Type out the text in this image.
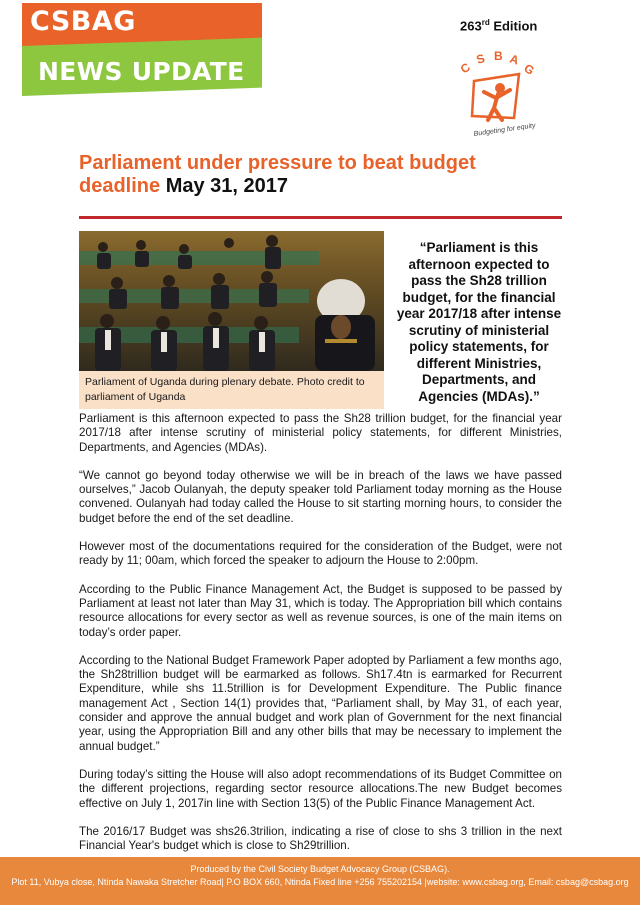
CSBAG
NEWS UPDATE
263rd Edition
C
S B A
G
Budgeting for equity
Parliament under pressure to beat budget deadline May 31, 2017
Parliament of Uganda during plenary debate. Photo credit to parliament of Uganda
“Parliament is this afternoon expected to pass the Sh28 trillion budget, for the financial year 2017/18 after intense scrutiny of ministerial policy statements, for different Ministries, Departments, and Agencies (MDAs).”

Parliament is this afternoon expected to pass the Sh28 trillion budget, for the financial year 2017/18 after intense scrutiny of ministerial policy statements, for different Ministries, Departments, and Agencies (MDAs).

“We cannot go beyond today otherwise we will be in breach of the laws we have passed ourselves,” Jacob Oulanyah, the deputy speaker told Parliament today morning as the House convened. Oulanyah had today called the House to sit starting morning hours, to consider the budget before the end of the set deadline.

However most of the documentations required for the consideration of the Budget, were not ready by 11; 00am, which forced the speaker to adjourn the House to 2:00pm.

According to the Public Finance Management Act, the Budget is supposed to be passed by Parliament at least not later than May 31, which is today. The Appropriation bill which contains resource allocations for every sector as well as revenue sources, is one of the main items on today’s order paper.

According to the National Budget Framework Paper adopted by Parliament a few months ago, the Sh28trillion budget will be earmarked as follows. Sh17.4tn is earmarked for Recurrent Expenditure, while shs 11.5trillion is for Development Expenditure. The Public finance management Act , Section 14(1) provides that, “Parliament shall, by May 31, of each year, consider and approve the annual budget and work plan of Government for the next financial year, using the Appropriation Bill and any other bills that may be necessary to implement the annual budget.”

During today’s sitting the House will also adopt recommendations of its Budget Committee on the different projections, regarding sector resource allocations.The new Budget becomes effective on July 1, 2017in line with Section 13(5) of the Public Finance Management Act.

The 2016/17 Budget was shs26.3trilion, indicating a rise of close to shs 3 trillion in the next Financial Year's budget which is close to Sh29trillion.

Produced by the Civil Society Budget Advocacy Group (CSBAG).
Plot 11, Vubya close, Ntinda Nawaka Stretcher Road| P.O BOX 660, Ntinda Fixed line +256 755202154 |website: www.csbag.org, Email: csbag@csbag.org
